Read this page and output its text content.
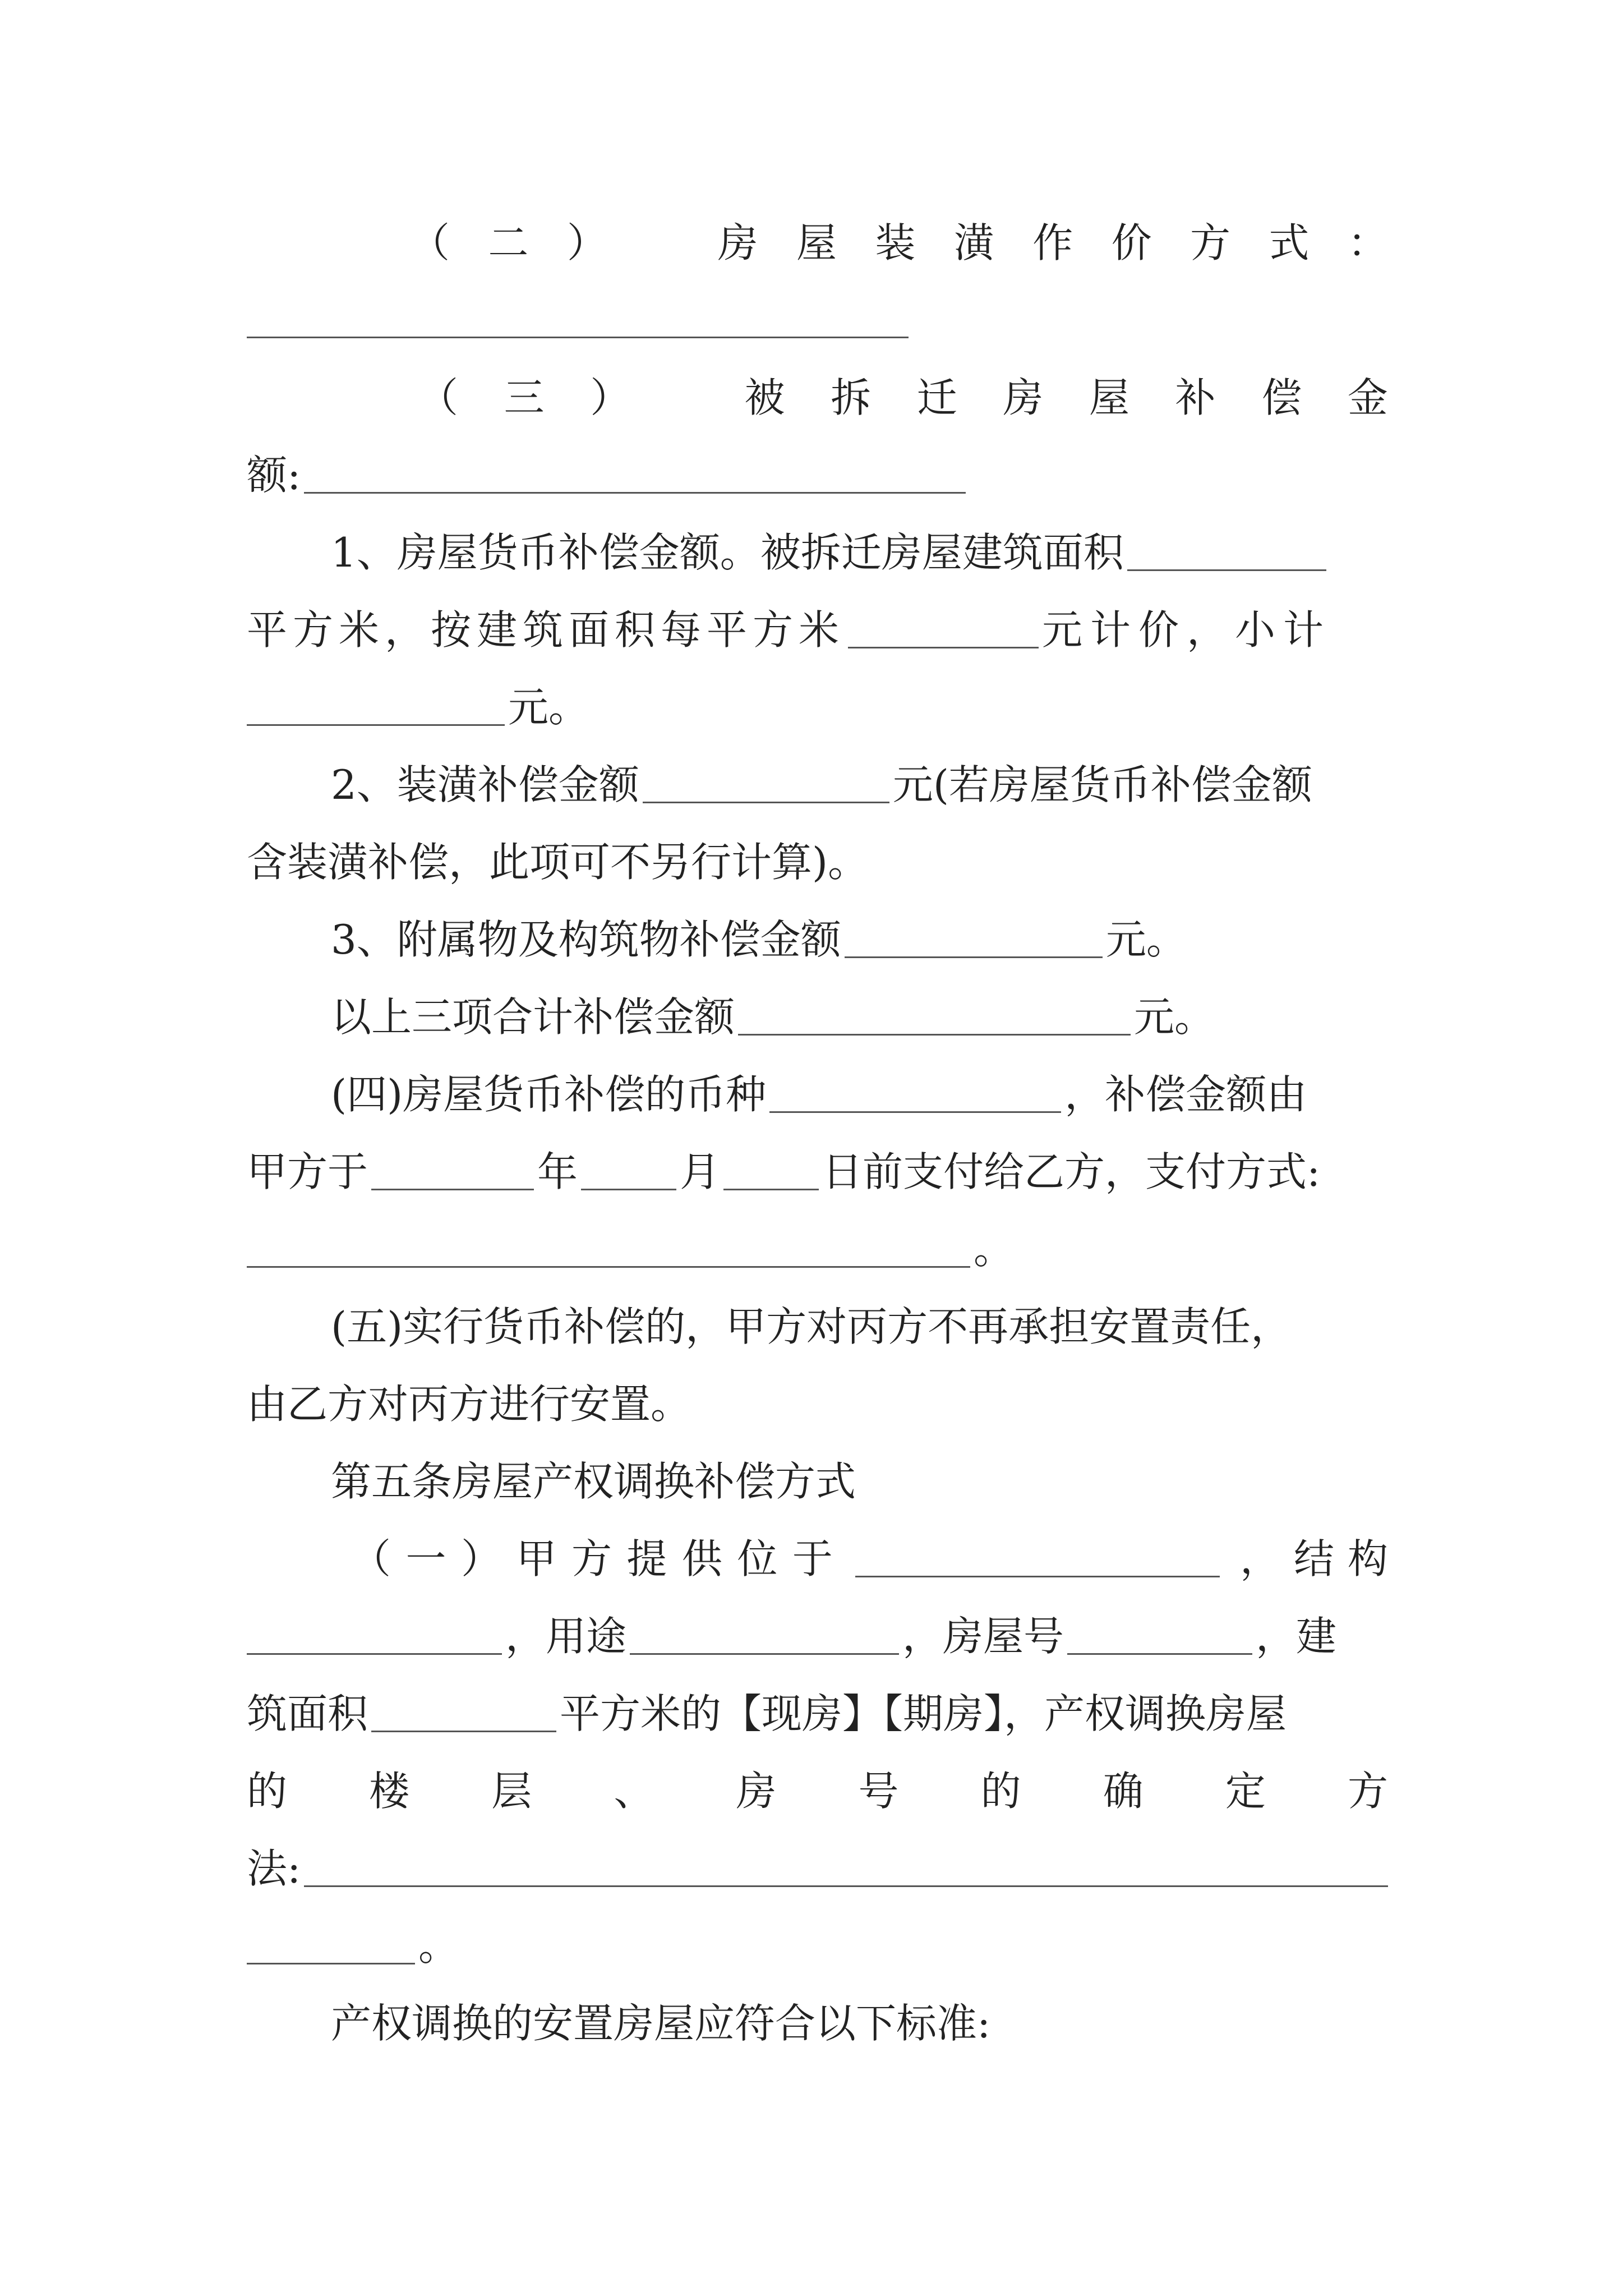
（ 二 ）	房 屋 装 潢 作 价 方 式 ：
（ 三 ）	被 拆 迁 房 屋 补 偿 金
额:
1、房屋货币补偿金额。被拆迁房屋建筑面积
平方米，按建筑面积每平方米	元计价，小计
元。
2、装潢补偿金额	元(若房屋货币补偿金额
含装潢补偿，此项可不另行计算)。
3、附属物及构筑物补偿金额	元。
以上三项合计补偿金额	元。
(四)房屋货币补偿的币种	，补偿金额由
甲方于	年	月	日前支付给乙方，支付方式:
。
(五)实行货币补偿的，甲方对丙方不再承担安置责任，
由乙方对丙方进行安置。
第五条房屋产权调换补偿方式
（ 一 ） 甲 方 提 供 位 于	， 结 构
，用途	，房屋号	，建
筑面积	平方米的【现房】【期房】，产权调换房屋
的 楼 层 、 房 号 的 确 定 方
法:
。
产权调换的安置房屋应符合以下标准:
